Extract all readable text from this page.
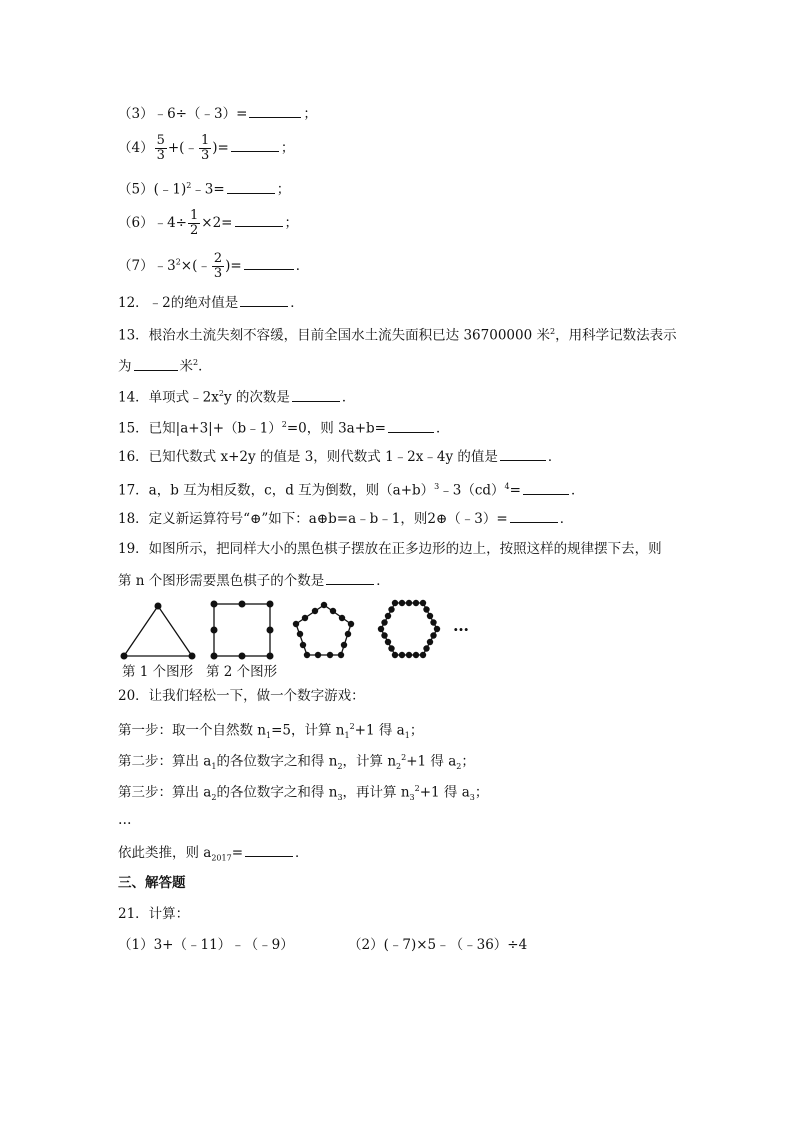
（3）﹣6÷（﹣3）=	；
$(4) \frac{5}{3}$ +(﹣ $\frac{1}{3}$ )=	；
（5）(﹣1)$^2$﹣3=	；
（6）﹣4÷ $\frac{1}{2} \times 2=$	；
$(7)﹣3^2\times(﹣ \frac{2}{3}$ )=	．
12．﹣2的绝对值是	．
13．根治水土流失刻不容缓，目前全国水土流失面积已达 36700000 米$^2$，用科学记数法表示
为	米$^2$．
14．单项式$﹣2x^2y$ 的次数是	．
15．已知|a+3|+（b﹣1）$^2$=0，则 3a+b=	．
16．已知代数式 x+2y 的值是 3，则代数式 1﹣2x﹣4y 的值是	．
17．a，b 互为相反数，c，d 互为倒数，则$(a+b)^3﹣3(cd)^4=$	．
18．定义新运算符号“⊕”如下：a⊕b=a﹣b﹣1，则2⊕（﹣3）=	．
19．如图所示，把同样大小的黑色棋子摆放在正多边形的边上，按照这样的规律摆下去，则
第 n 个图形需要黑色棋子的个数是	．
…
第 1 个图形 第 2 个图形
20．让我们轻松一下，做一个数字游戏：
第一步：取一个自然数 $n_1=5$，计算 $n_1^2+1$ 得 $a_1$；
第二步：算出 $a_1$的各位数字之和得 $n_2$，计算 $n_2^2+1$ 得 $a_2$；
第三步：算出 $a_2$的各位数字之和得 $n_3$，再计算 $n_3^2+1$ 得 $a_3$；
…
依此类推，则 $a_{2017}=$	．
三、解答题
21．计算：
（1）3+（﹣11）﹣（﹣9）	（2）(﹣7)×5﹣（﹣36）÷4
